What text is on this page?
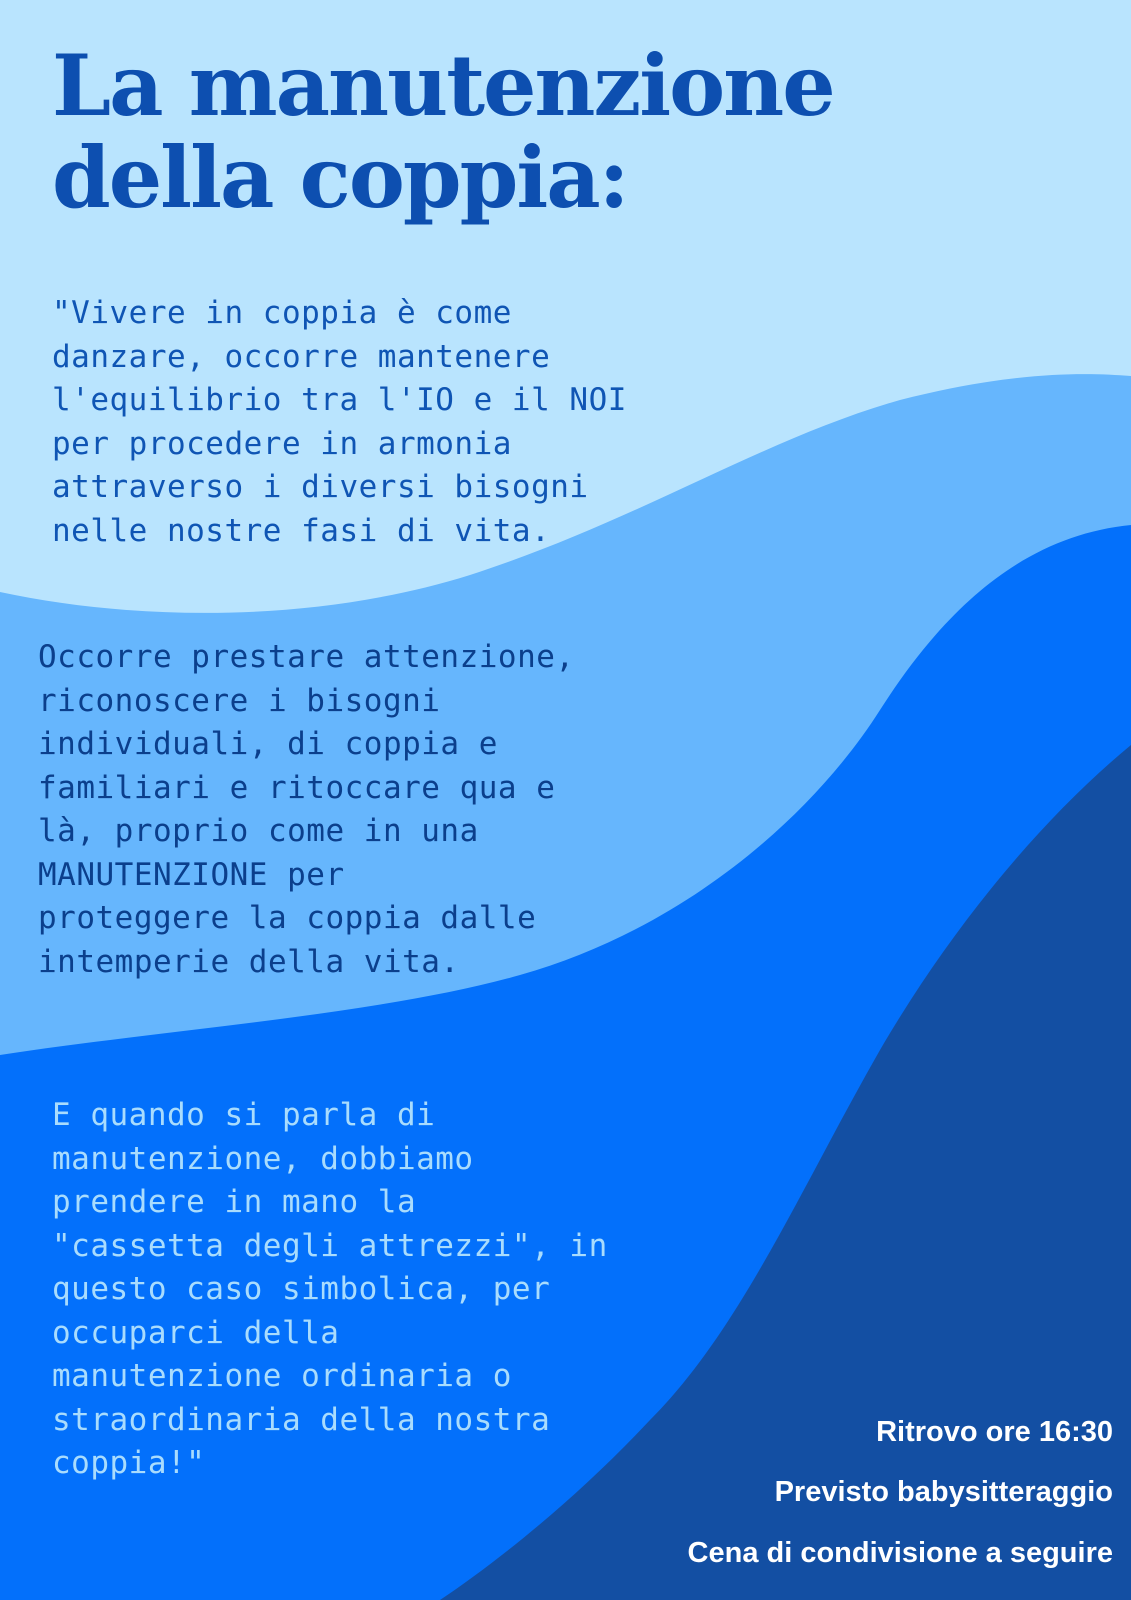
La manutenzione
della coppia:

"Vivere in coppia è come
danzare, occorre mantenere
l'equilibrio tra l'IO e il NOI
per procedere in armonia
attraverso i diversi bisogni
nelle nostre fasi di vita.

Occorre prestare attenzione,
riconoscere i bisogni
individuali, di coppia e
familiari e ritoccare qua e
là, proprio come in una
MANUTENZIONE per
proteggere la coppia dalle
intemperie della vita.

E quando si parla di
manutenzione, dobbiamo
prendere in mano la
"cassetta degli attrezzi", in
questo caso simbolica, per
occuparci della
manutenzione ordinaria o
straordinaria della nostra
coppia!"

Ritrovo ore 16:30

Previsto babysitteraggio

Cena di condivisione a seguire
